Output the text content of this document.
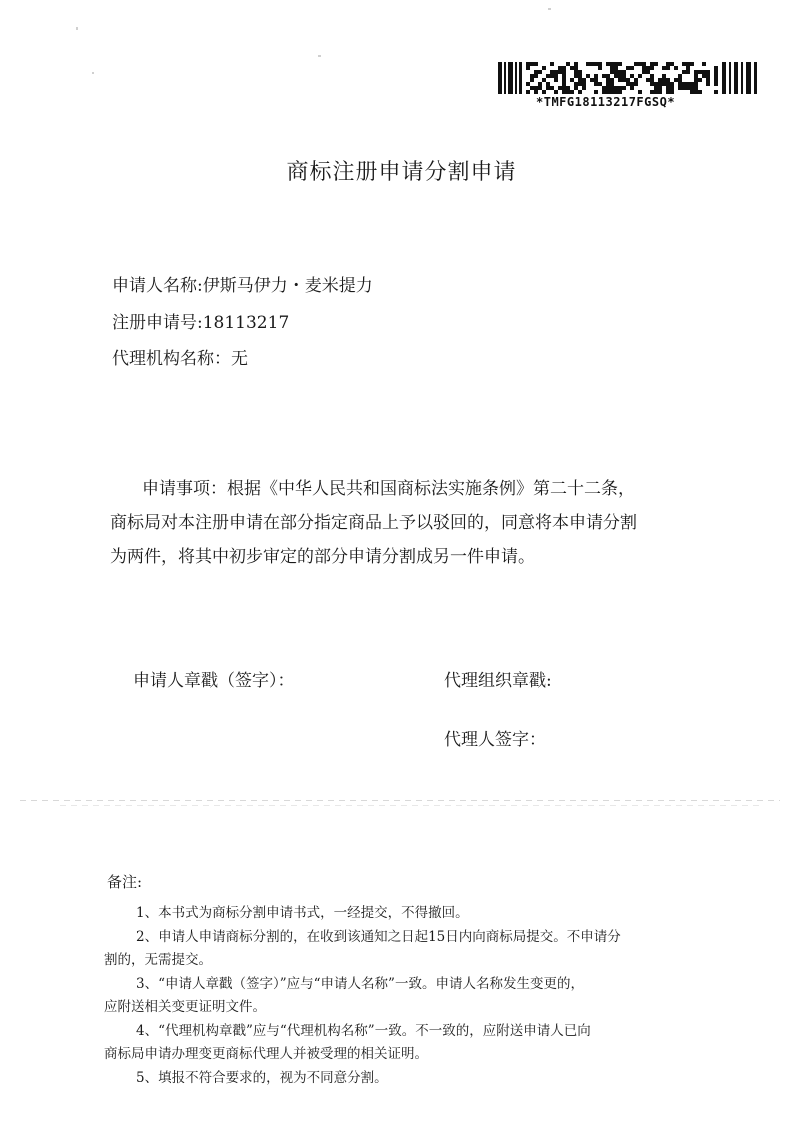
*TMFG18113217FGSQ*
商标注册申请分割申请
申请人名称:伊斯马伊力・麦米提力
注册申请号:18113217
代理机构名称：无
申请事项：根据《中华人民共和国商标法实施条例》第二十二条，
商标局对本注册申请在部分指定商品上予以驳回的，同意将本申请分割
为两件，将其中初步审定的部分申请分割成另一件申请。
申请人章戳（签字）：	代理组织章戳:
代理人签字：
备注:
1、本书式为商标分割申请书式，一经提交，不得撤回。
2、申请人申请商标分割的，在收到该通知之日起15日内向商标局提交。不申请分
割的，无需提交。
3、“申请人章戳（签字）”应与“申请人名称”一致。申请人名称发生变更的，
应附送相关变更证明文件。
4、“代理机构章戳”应与“代理机构名称”一致。不一致的，应附送申请人已向
商标局申请办理变更商标代理人并被受理的相关证明。
5、填报不符合要求的，视为不同意分割。
